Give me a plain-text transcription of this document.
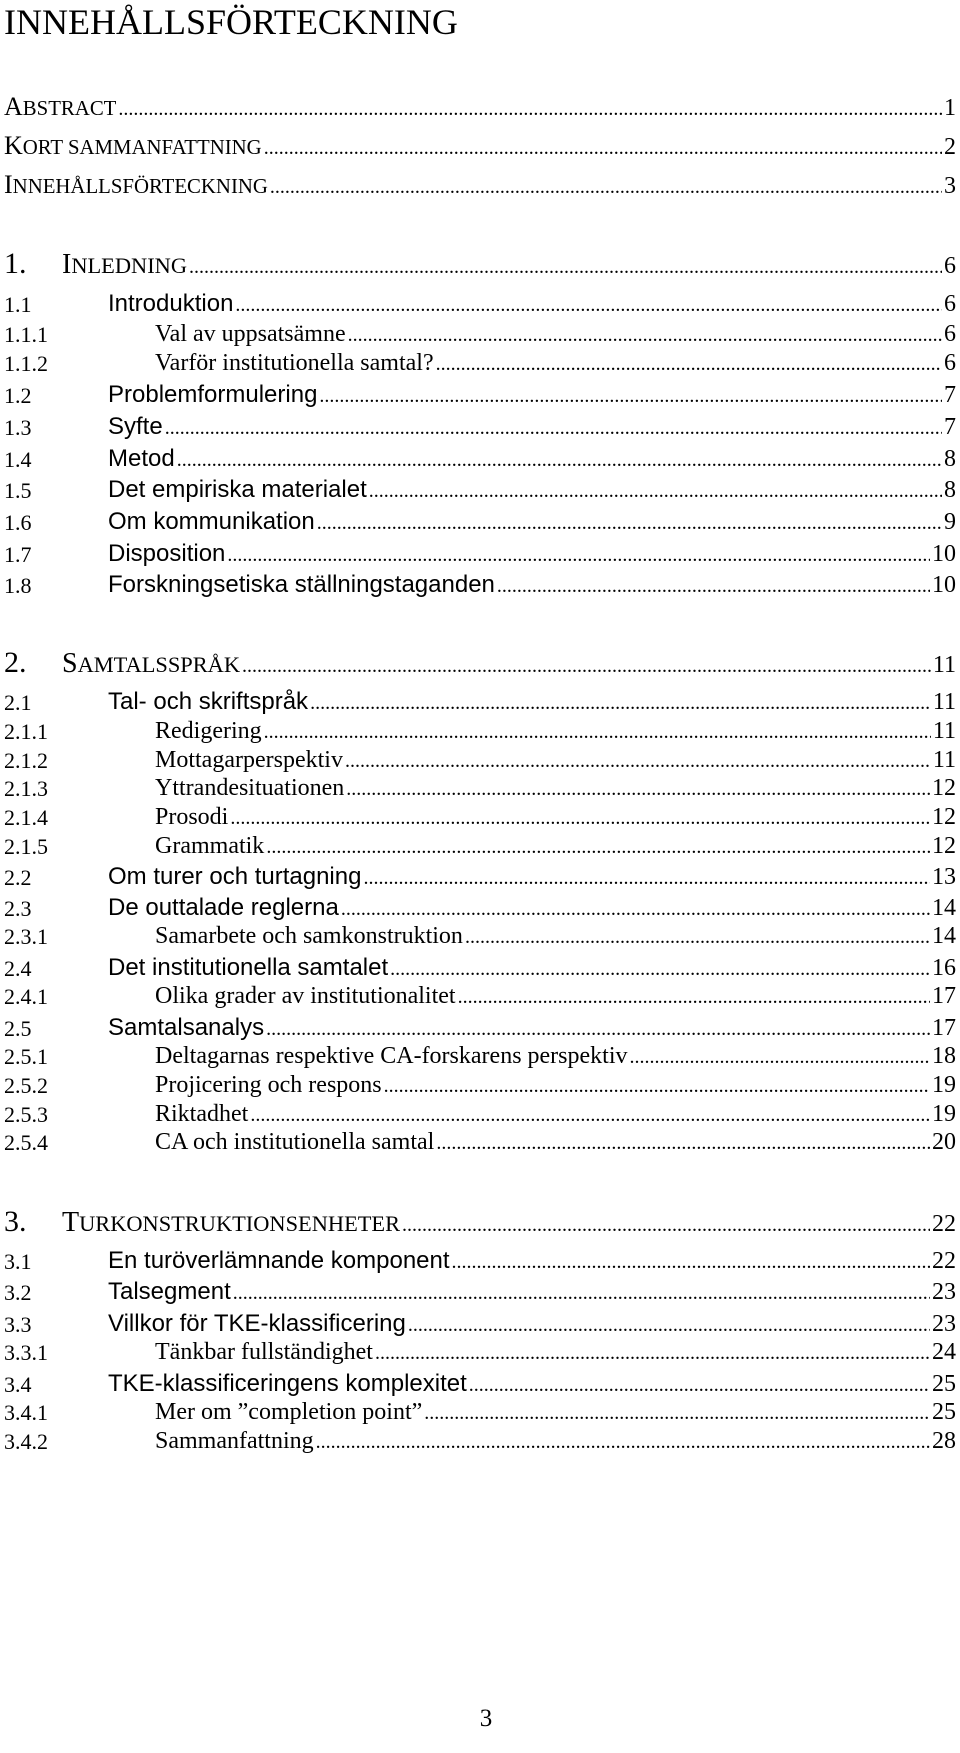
INNEHÅLLSFÖRTECKNING
ABSTRACT .....	1
KORT SAMMANFATTNING .....	2
INNEHÅLLSFÖRTECKNING .....	3
1. INLEDNING .....	6
1.1	Introduktion .....	6
1.1.1	Val av uppsatsämne .....	6
1.1.2	Varför institutionella samtal? .....	6
1.2	Problemformulering .....	7
1.3	Syfte .....	7
1.4	Metod .....	8
1.5	Det empiriska materialet .....	8
1.6	Om kommunikation .....	9
1.7	Disposition .....	10
1.8	Forskningsetiska ställningstaganden .....	10
2. SAMTALSSPRÅK .....	11
2.1	Tal- och skriftspråk .....	11
2.1.1	Redigering .....	11
2.1.2	Mottagarperspektiv .....	11
2.1.3	Yttrandesituationen .....	12
2.1.4	Prosodi .....	12
2.1.5	Grammatik .....	12
2.2	Om turer och turtagning .....	13
2.3	De outtalade reglerna .....	14
2.3.1	Samarbete och samkonstruktion .....	14
2.4	Det institutionella samtalet .....	16
2.4.1	Olika grader av institutionalitet .....	17
2.5	Samtalsanalys .....	17
2.5.1	Deltagarnas respektive CA-forskarens perspektiv .....	18
2.5.2	Projicering och respons .....	19
2.5.3	Riktadhet .....	19
2.5.4	CA och institutionella samtal .....	20
3. TURKONSTRUKTIONSENHETER .....	22
3.1	En turöverlämnande komponent .....	22
3.2	Talsegment .....	23
3.3	Villkor för TKE-klassificering .....	23
3.3.1	Tänkbar fullständighet .....	24
3.4	TKE-klassificeringens komplexitet .....	25
3.4.1	Mer om ”completion point” .....	25
3.4.2	Sammanfattning .....	28
3
